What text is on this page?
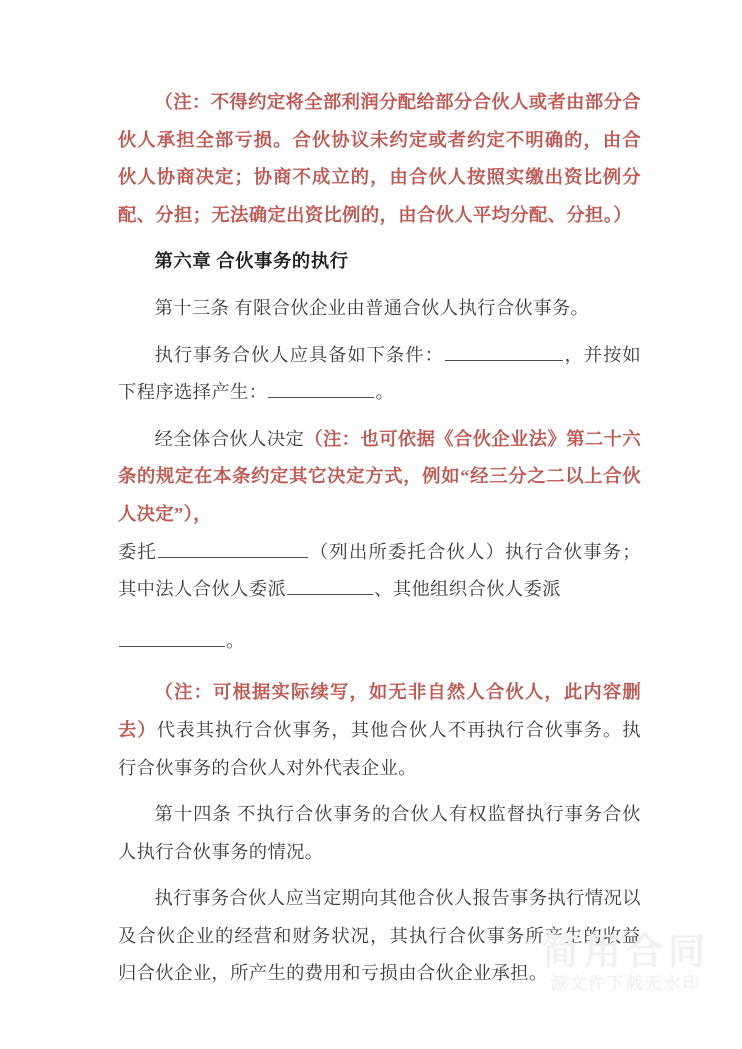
（注：不得约定将全部利润分配给部分合伙人或者由部分合伙人承担全部亏损。合伙协议未约定或者约定不明确的，由合伙人协商决定；协商不成立的，由合伙人按照实缴出资比例分配、分担；无法确定出资比例的，由合伙人平均分配、分担。）

第六章 合伙事务的执行

第十三条 有限合伙企业由普通合伙人执行合伙事务。

执行事务合伙人应具备如下条件：	，并按如下程序选择产生：	。

经全体合伙人决定（注：也可依据《合伙企业法》第二十六条的规定在本条约定其它决定方式，例如“经三分之二以上合伙人决定”），

委托	（列出所委托合伙人）执行合伙事务；其中法人合伙人委派	、其他组织合伙人委派

。

（注：可根据实际续写，如无非自然人合伙人，此内容删去）代表其执行合伙事务，其他合伙人不再执行合伙事务。执行合伙事务的合伙人对外代表企业。

第十四条 不执行合伙事务的合伙人有权监督执行事务合伙人执行合伙事务的情况。

执行事务合伙人应当定期向其他合伙人报告事务执行情况以及合伙企业的经营和财务状况，其执行合伙事务所产生的收益归合伙企业，所产生的费用和亏损由合伙企业承担。

简用合同
源文件下载无水印
